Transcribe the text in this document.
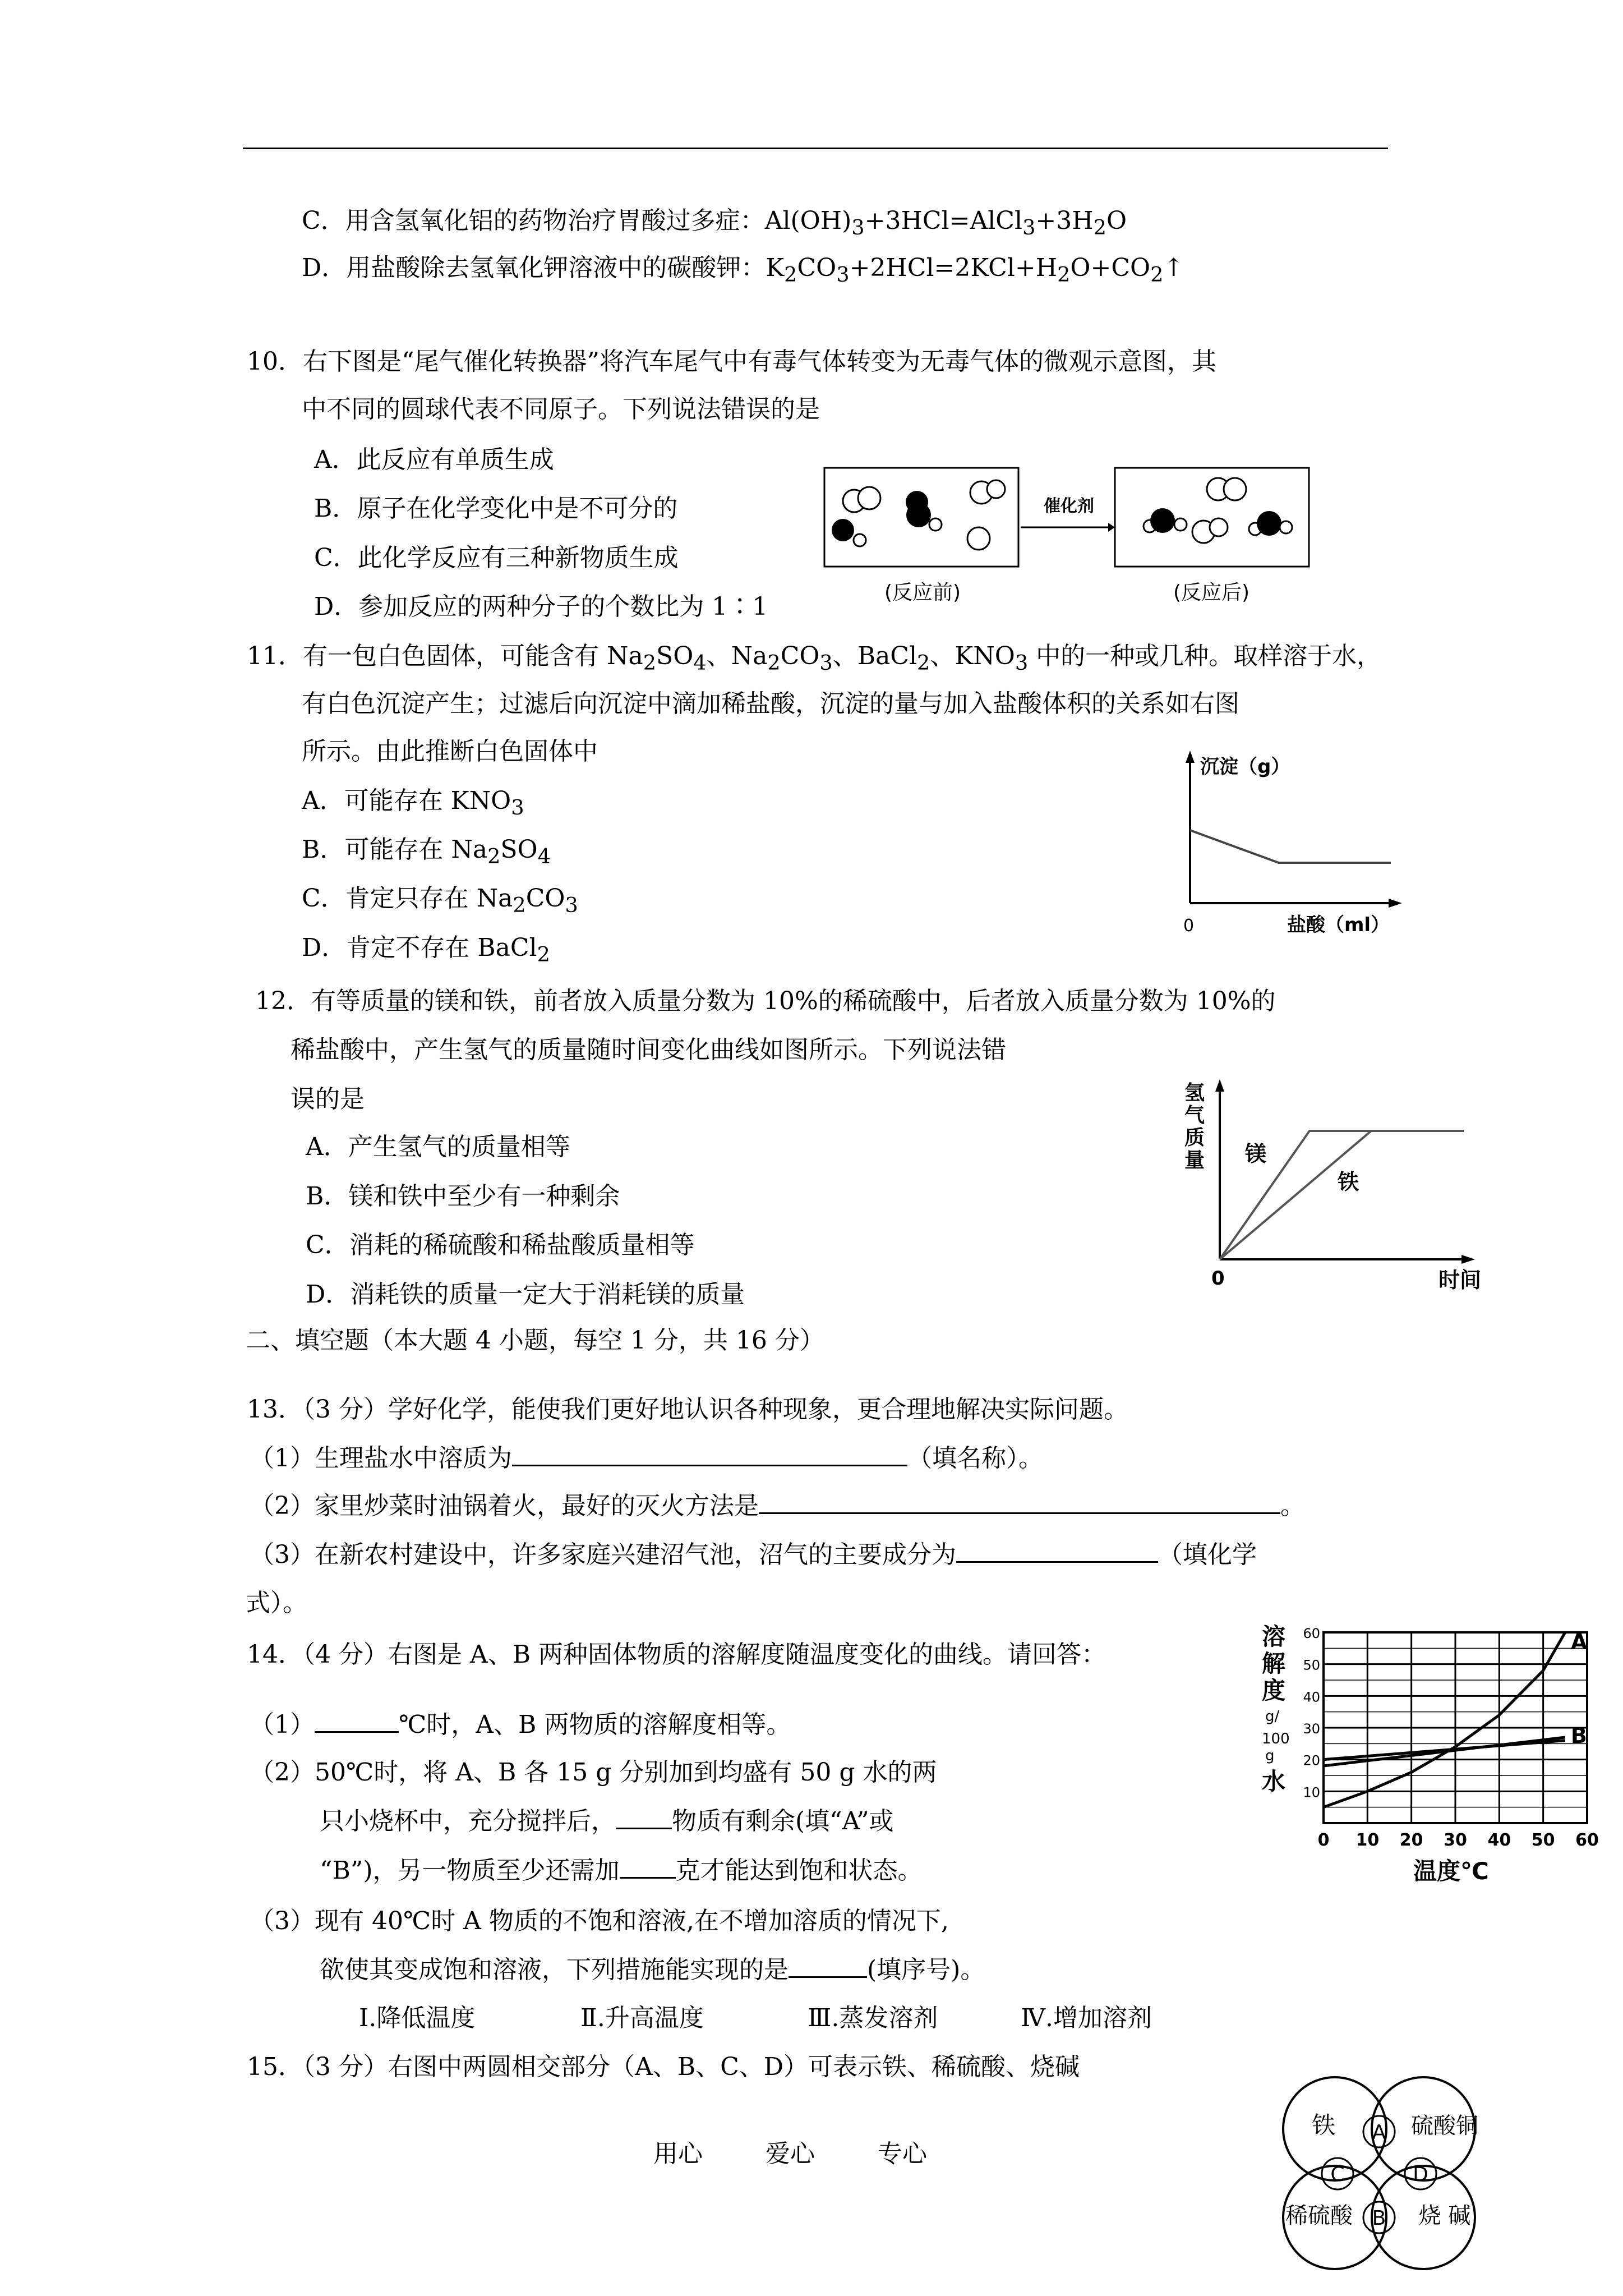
C．用含氢氧化铝的药物治疗胃酸过多症：$Al(OH)_3+3HCl=AlCl_3+3H_2O$
D．用盐酸除去氢氧化钾溶液中的碳酸钾：$K_2CO_3+2HCl=2KCl+H_2O+CO_2↑$
10．右下图是“尾气催化转换器”将汽车尾气中有毒气体转变为无毒气体的微观示意图，其
中不同的圆球代表不同原子。下列说法错误的是
A．此反应有单质生成
B．原子在化学变化中是不可分的
C．此化学反应有三种新物质生成
D．参加反应的两种分子的个数比为 1∶1
催化剂
(反应前)	(反应后)
11．有一包白色固体，可能含有 $Na_2SO_4$、$Na_2CO_3$、BaCl$_2$、$KNO_3$ 中的一种或几种。取样溶于水，
有白色沉淀产生；过滤后向沉淀中滴加稀盐酸，沉淀的量与加入盐酸体积的关系如右图
所示。由此推断白色固体中
A．可能存在 $KNO_3$
B．可能存在 $Na_2SO_4$
C．肯定只存在 $Na_2CO_3$
D．肯定不存在 BaCl$_2$
沉淀（g）
0	盐酸（ml）
12．有等质量的镁和铁，前者放入质量分数为 10%的稀硫酸中，后者放入质量分数为 10%的
稀盐酸中，产生氢气的质量随时间变化曲线如图所示。下列说法错
误的是
A．产生氢气的质量相等
B．镁和铁中至少有一种剩余
C．消耗的稀硫酸和稀盐酸质量相等
D．消耗铁的质量一定大于消耗镁的质量
氢
气
质
量 镁
铁
0	时间
二、填空题（本大题 4 小题，每空 1 分，共 16 分）
13．（3 分）学好化学，能使我们更好地认识各种现象，更合理地解决实际问题。
（1）生理盐水中溶质为	（填名称）。
（2）家里炒菜时油锅着火，最好的灭火方法是	。
（3）在新农村建设中，许多家庭兴建沼气池，沼气的主要成分为	（填化学
式）。
14．（4 分）右图是 A、B 两种固体物质的溶解度随温度变化的曲线。请回答：
（1）	℃时，A、B 两物质的溶解度相等。
（2）50℃时，将 A、B 各 15 g 分别加到均盛有 50 g 水的两
只小烧杯中，充分搅拌后， 物质有剩余(填“A”或
“B”)，另一物质至少还需加 克才能达到饱和状态。
（3）现有 40℃时 A 物质的不饱和溶液,在不增加溶质的情况下,
欲使其变成饱和溶液，下列措施能实现的是	(填序号)。
Ⅰ.降低温度	Ⅱ.升高温度	Ⅲ.蒸发溶剂	Ⅳ.增加溶剂
0 10 20 30 40 50 60
10
20
30
40
50
60	A
B
溶
解
度
g/
100
g
水
温度℃
15．（3 分）右图中两圆相交部分（A、B、C、D）可表示铁、稀硫酸、烧碱
铁	硫酸铜
稀硫酸	烧 碱
A
B
C	D
用心	爱心	专心
